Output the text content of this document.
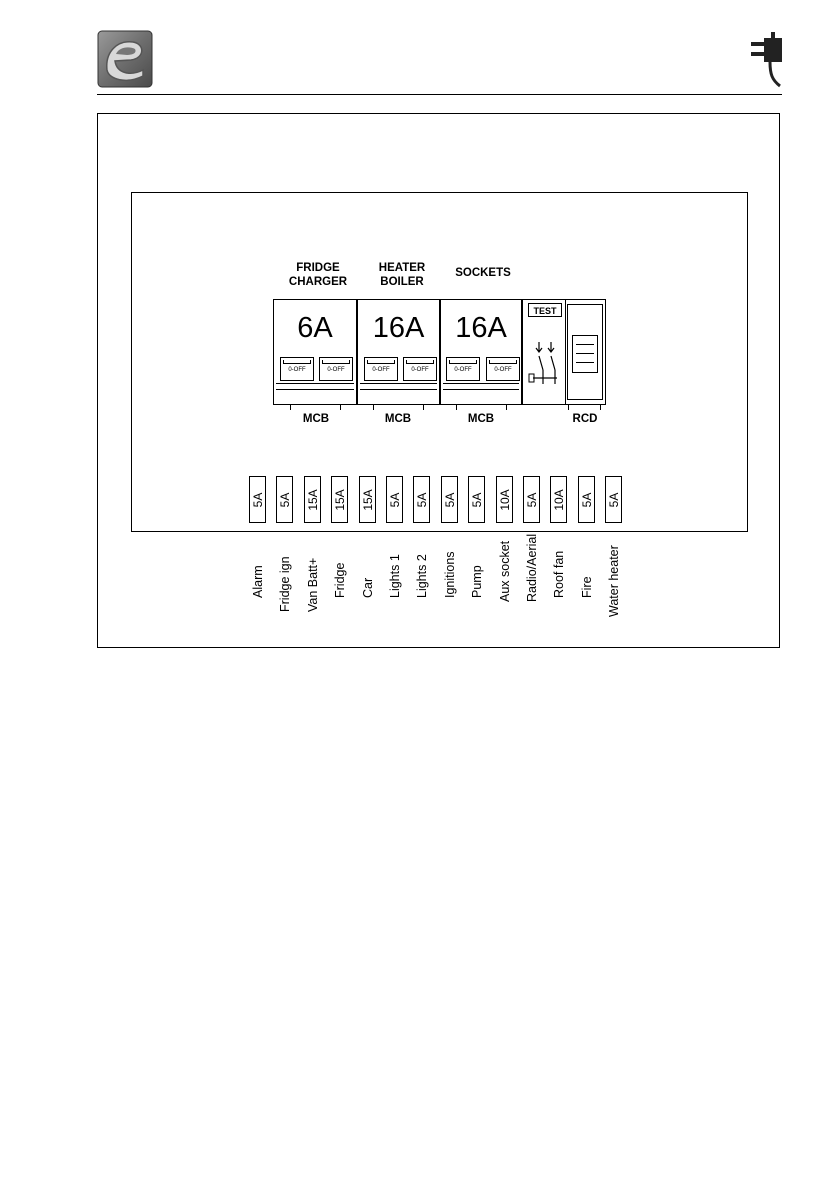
FRIDGE
CHARGER
HEATER
BOILER
SOCKETS
6A
0-OFF	0-OFF
16A
0-OFF	0-OFF
16A
0-OFF	0-OFF
TEST
MCB	MCB	MCB	RCD
5A
Alarm
5A
Fridge ign
15A
Van Batt+
15A
Fridge
15A
Car
5A
Lights 1
5A
Lights 2
5A
Ignitions
5A
Pump
10A
Aux socket
5A
Radio/Aerial
10A
Roof fan
5A
Fire
5A
Water heater
